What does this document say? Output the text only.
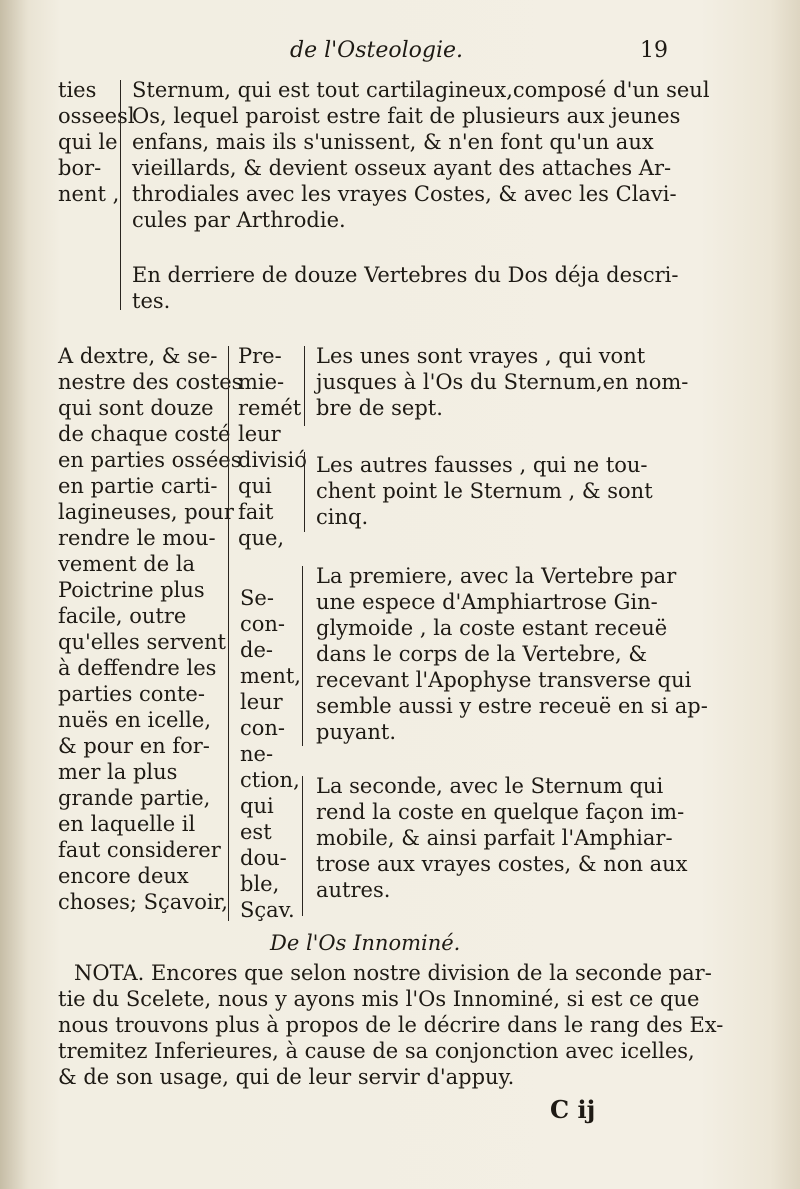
de l'Osteologie.	19
ties
osseesl
qui le
bor-
nent ,
Sternum, qui est tout cartilagineux,composé d'un seul
Os, lequel paroist estre fait de plusieurs aux jeunes
enfans, mais ils s'unissent, & n'en font qu'un aux
vieillards, & devient osseux ayant des attaches Ar-
throdiales avec les vrayes Costes, & avec les Clavi-
cules par Arthrodie.
En derriere de douze Vertebres du Dos déja descri-
tes.
A dextre, & se-
nestre des costes
qui sont douze
de chaque costé
en parties ossées
en partie carti-
lagineuses, pour
rendre le mou-
vement de la
Poictrine plus
facile, outre
qu'elles servent
à deffendre les
parties conte-
nuës en icelle,
& pour en for-
mer la plus
grande partie,
en laquelle il
faut considerer
encore deux
choses; Sçavoir,
Pre-
mie-
remét
leur
divisió
qui
fait
que,
Se-
con-
de-
ment,
leur
con-
ne-
ction,
qui
est
dou-
ble,
Sçav.
Les unes sont vrayes , qui vont
jusques à l'Os du Sternum,en nom-
bre de sept.
Les autres fausses , qui ne tou-
chent point le Sternum , & sont
cinq.
La premiere, avec la Vertebre par
une espece d'Amphiartrose Gin-
glymoide , la coste estant receuë
dans le corps de la Vertebre, &
recevant l'Apophyse transverse qui
semble aussi y estre receuë en si ap-
puyant.
La seconde, avec le Sternum qui
rend la coste en quelque façon im-
mobile, & ainsi parfait l'Amphiar-
trose aux vrayes costes, & non aux
autres.
De l'Os Innominé.
NOTA. Encores que selon nostre division de la seconde par-
tie du Scelete, nous y ayons mis l'Os Innominé, si est ce que
nous trouvons plus à propos de le décrire dans le rang des Ex-
tremitez Inferieures, à cause de sa conjonction avec icelles,
& de son usage, qui de leur servir d'appuy.
C ij
